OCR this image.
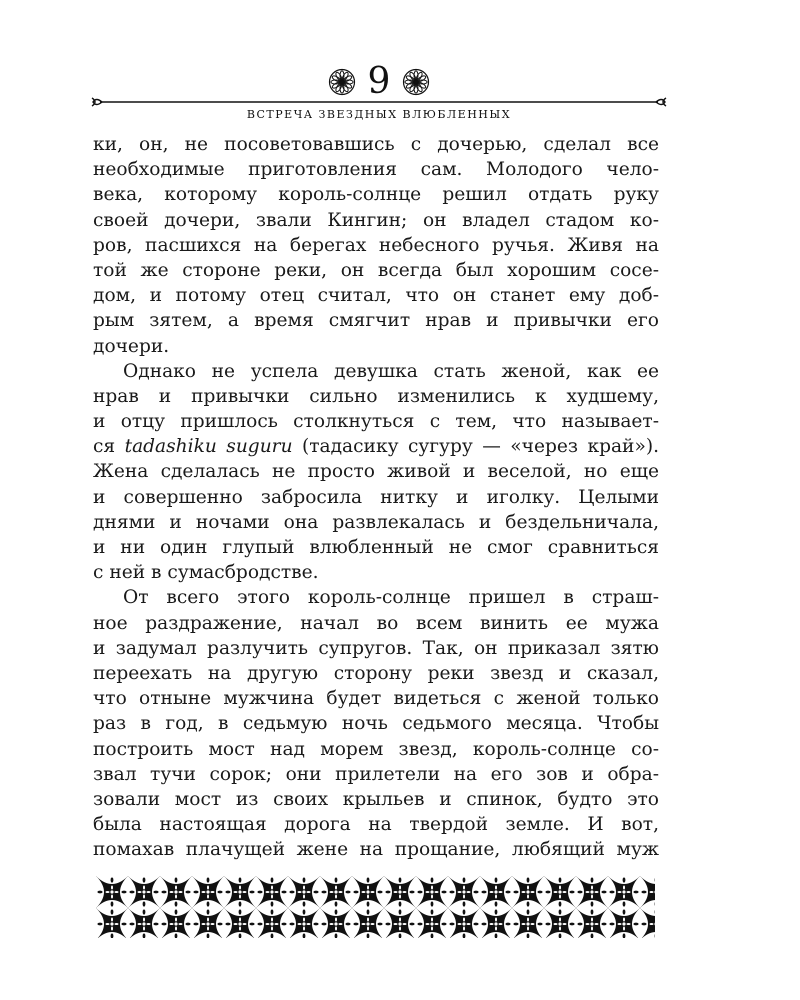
9
ВСТРЕЧА ЗВЕЗДНЫХ ВЛЮБЛЕННЫХ
ки, он, не посоветовавшись с дочерью, сделал все
необходимые приготовления сам. Молодого чело-
века, которому король-солнце решил отдать руку
своей дочери, звали Кингин; он владел стадом ко-
ров, пасшихся на берегах небесного ручья. Живя на
той же стороне реки, он всегда был хорошим сосе-
дом, и потому отец считал, что он станет ему доб-
рым зятем, а время смягчит нрав и привычки его
дочери.
Однако не успела девушка стать женой, как ее
нрав и привычки сильно изменились к худшему,
и отцу пришлось столкнуться с тем, что называет-
ся tadashiku suguru (тадасику сугуру — «через край»).
Жена сделалась не просто живой и веселой, но еще
и совершенно забросила нитку и иголку. Целыми
днями и ночами она развлекалась и бездельничала,
и ни один глупый влюбленный не смог сравниться
с ней в сумасбродстве.
От всего этого король-солнце пришел в страш-
ное раздражение, начал во всем винить ее мужа
и задумал разлучить супругов. Так, он приказал зятю
переехать на другую сторону реки звезд и сказал,
что отныне мужчина будет видеться с женой только
раз в год, в седьмую ночь седьмого месяца. Чтобы
построить мост над морем звезд, король-солнце со-
звал тучи сорок; они прилетели на его зов и обра-
зовали мост из своих крыльев и спинок, будто это
была настоящая дорога на твердой земле. И вот,
помахав плачущей жене на прощание, любящий муж
